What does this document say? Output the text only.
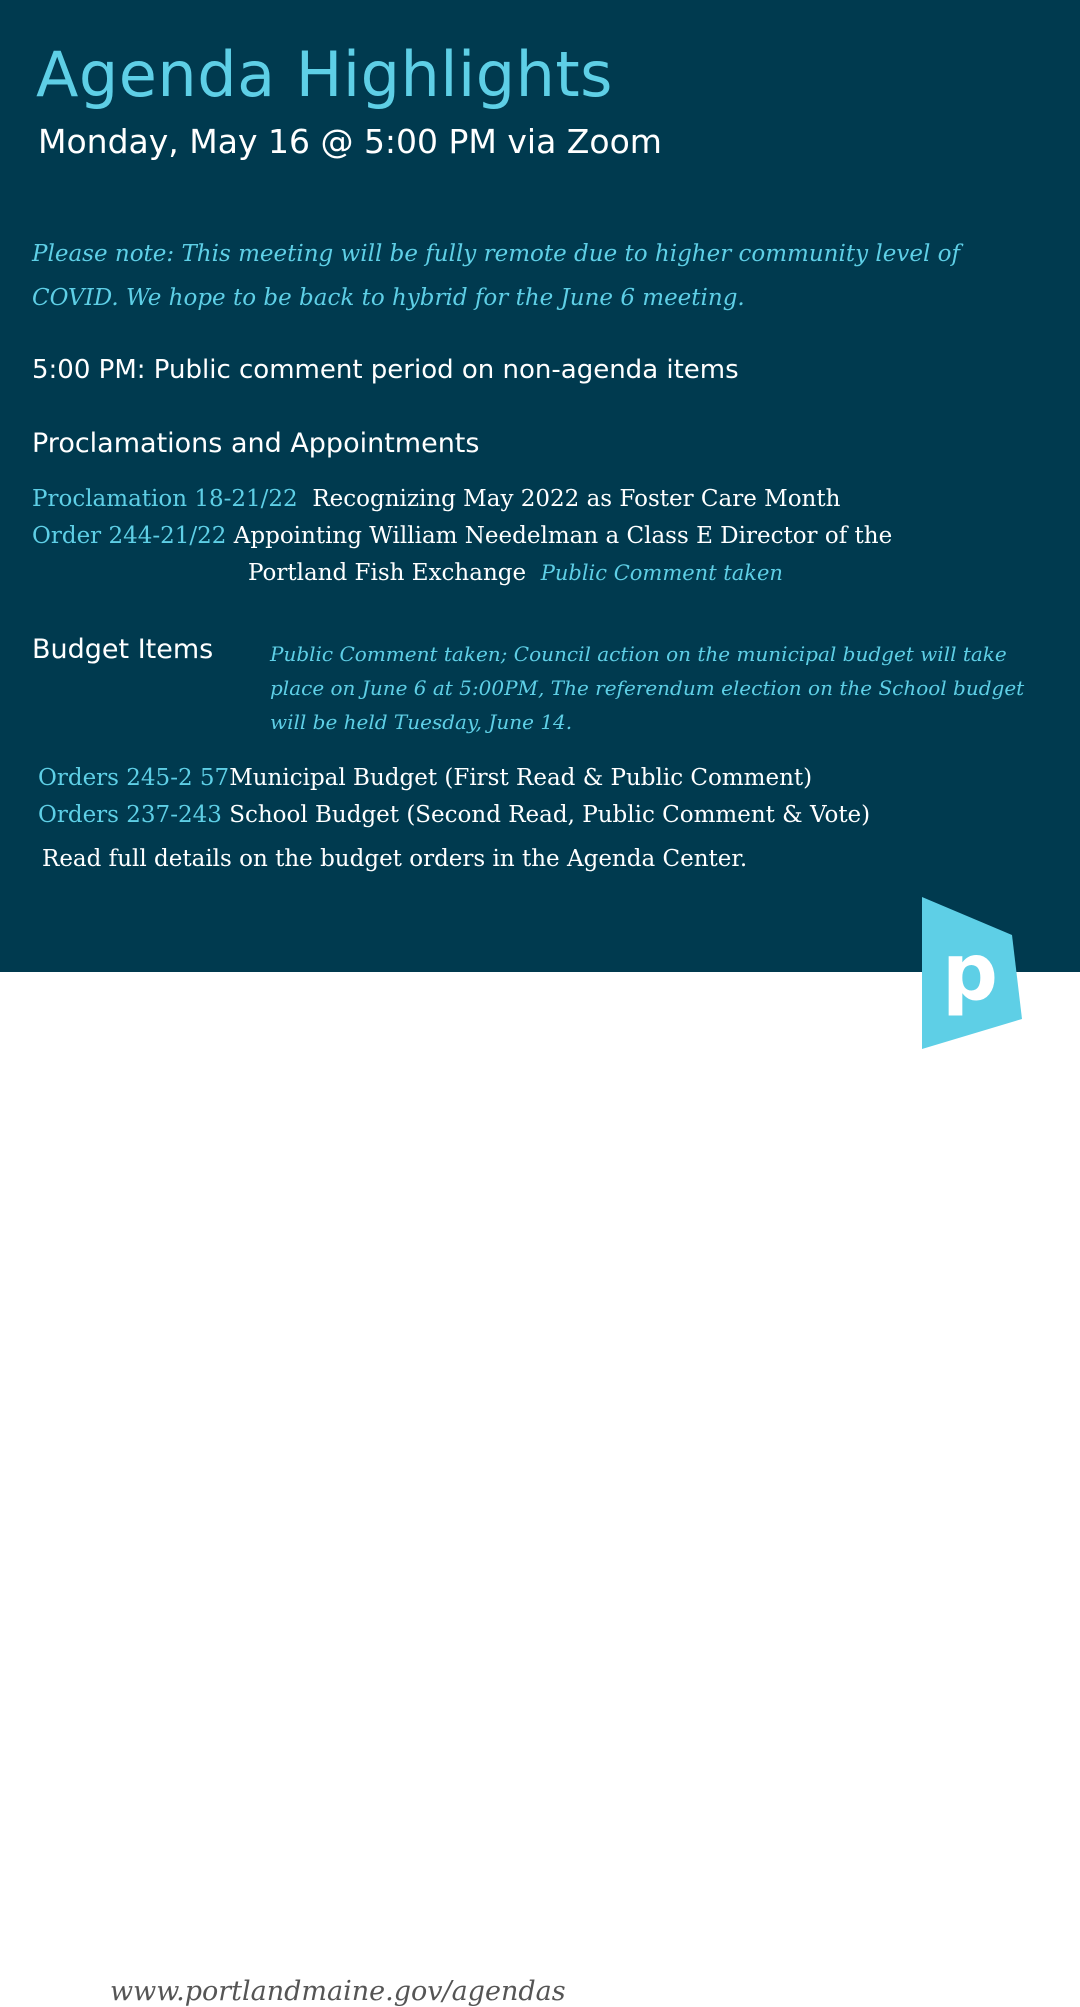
Agenda Highlights
Monday, May 16 @ 5:00 PM via Zoom
Please note: This meeting will be fully remote due to higher community level of COVID. We hope to be back to hybrid for the June 6 meeting.
5:00 PM: Public comment period on non-agenda items
Proclamations and Appointments
Proclamation 18-21/22 Recognizing May 2022 as Foster Care Month
Order 244-21/22 Appointing William Needelman a Class E Director of the
Portland Fish Exchange Public Comment taken
Budget Items	Public Comment taken; Council action on the municipal budget will take place on June 6 at 5:00PM, The referendum election on the School budget will be held Tuesday, June 14.
Orders 245-2 57Municipal Budget (First Read & Public Comment)
Orders 237-243 School Budget (Second Read, Public Comment & Vote)
Read full details on the budget orders in the Agenda Center.
www.portlandmaine.gov/agendas
p
